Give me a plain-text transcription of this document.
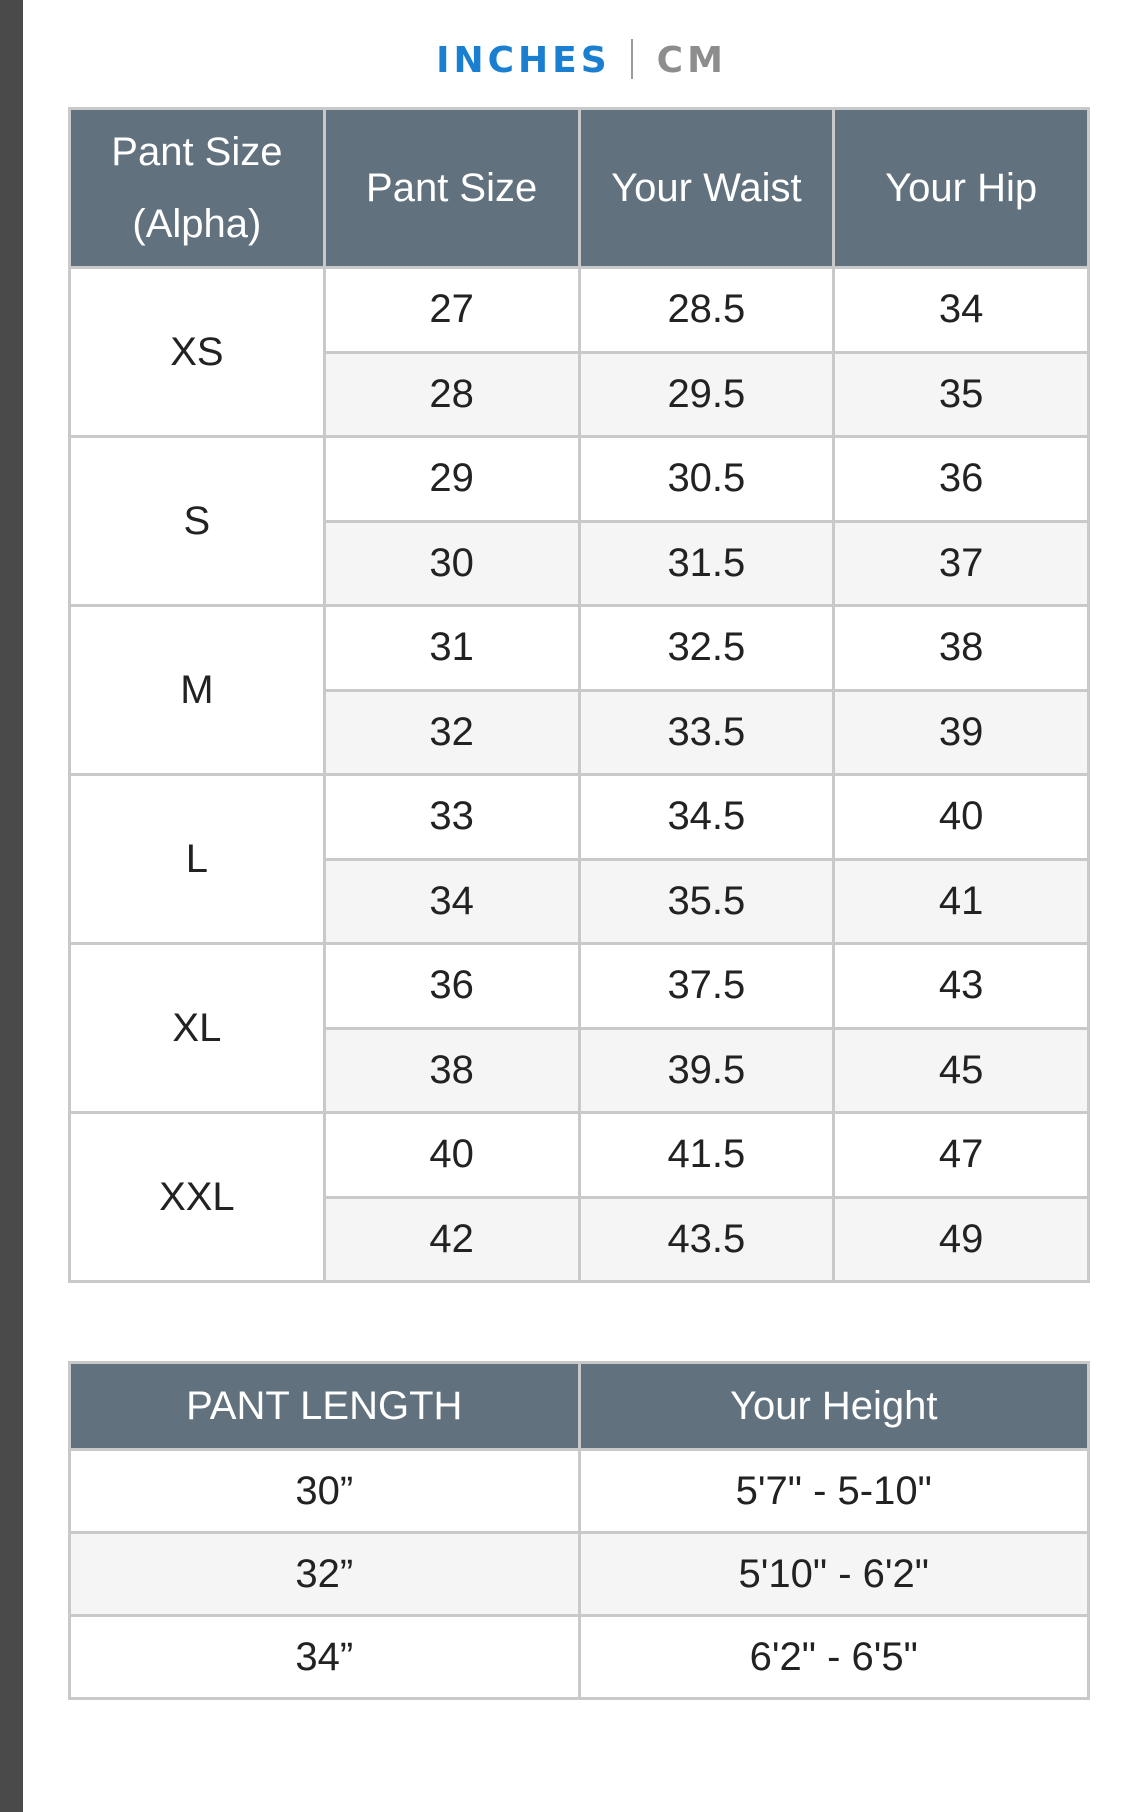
INCHES CM
Pant Size
(Alpha)	Pant Size	Your Waist	Your Hip
XS	27	28.5	34
	28	29.5	35
S	29	30.5	36
	30	31.5	37
M	31	32.5	38
	32	33.5	39
L	33	34.5	40
	34	35.5	41
XL	36	37.5	43
	38	39.5	45
XXL	40	41.5	47
	42	43.5	49
PANT LENGTH	Your Height
30”	5'7" - 5-10"
32”	5'10" - 6'2"
34”	6'2" - 6'5"
